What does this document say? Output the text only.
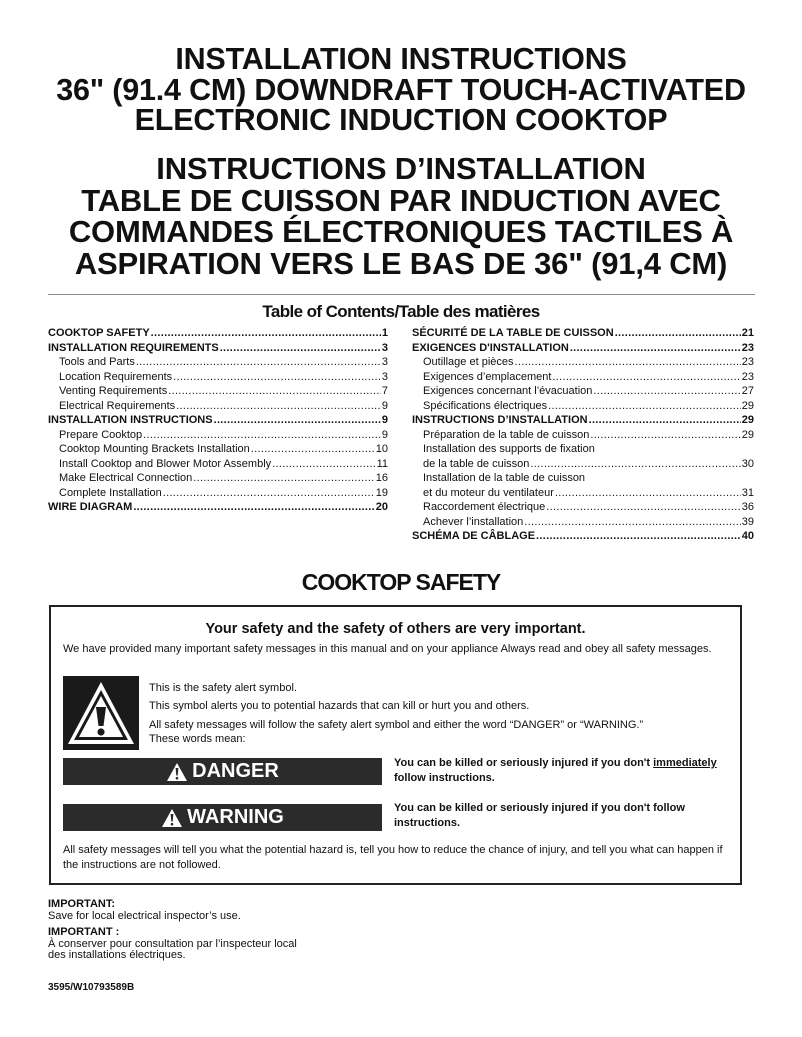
INSTALLATION INSTRUCTIONS
36" (91.4 CM) DOWNDRAFT TOUCH-ACTIVATED
ELECTRONIC INDUCTION COOKTOP
INSTRUCTIONS D’INSTALLATION
TABLE DE CUISSON PAR INDUCTION AVEC
COMMANDES ÉLECTRONIQUES TACTILES À
ASPIRATION VERS LE BAS DE 36" (91,4 CM)
Table of Contents/Table des matières
COOKTOP SAFETY .....	1
INSTALLATION REQUIREMENTS .....	3
Tools and Parts .....	3
Location Requirements .....	3
Venting Requirements .....	7
Electrical Requirements .....	9
INSTALLATION INSTRUCTIONS .....	9
Prepare Cooktop .....	9
Cooktop Mounting Brackets Installation .....	10
Install Cooktop and Blower Motor Assembly .....	11
Make Electrical Connection .....	16
Complete Installation .....	19
WIRE DIAGRAM .....	20
SÉCURITÉ DE LA TABLE DE CUISSON .....	21
EXIGENCES D'INSTALLATION .....	23
Outillage et pièces .....	23
Exigences d’emplacement .....	23
Exigences concernant l’évacuation .....	27
Spécifications électriques .....	29
INSTRUCTIONS D’INSTALLATION .....	29
Préparation de la table de cuisson .....	29
Installation des supports de fixation
de la table de cuisson .....	30
Installation de la table de cuisson
et du moteur du ventilateur .....	31
Raccordement électrique .....	36
Achever l’installation .....	39
SCHÉMA DE CÂBLAGE .....	40
COOKTOP SAFETY
Your safety and the safety of others are very important.
We have provided many important safety messages in this manual and on your appliance Always read and obey all safety messages.
This is the safety alert symbol.
This symbol alerts you to potential hazards that can kill or hurt you and others.
All safety messages will follow the safety alert symbol and either the word “DANGER” or “WARNING.”
These words mean:
DANGER	You can be killed or seriously injured if you don't immediately
follow instructions.
WARNING	You can be killed or seriously injured if you don't follow instructions.
All safety messages will tell you what the potential hazard is, tell you how to reduce the chance of injury, and tell you what can happen if the instructions are not followed.
IMPORTANT:
Save for local electrical inspector’s use.
IMPORTANT :
À conserver pour consultation par l’inspecteur local
des installations électriques.
3595/W10793589B
